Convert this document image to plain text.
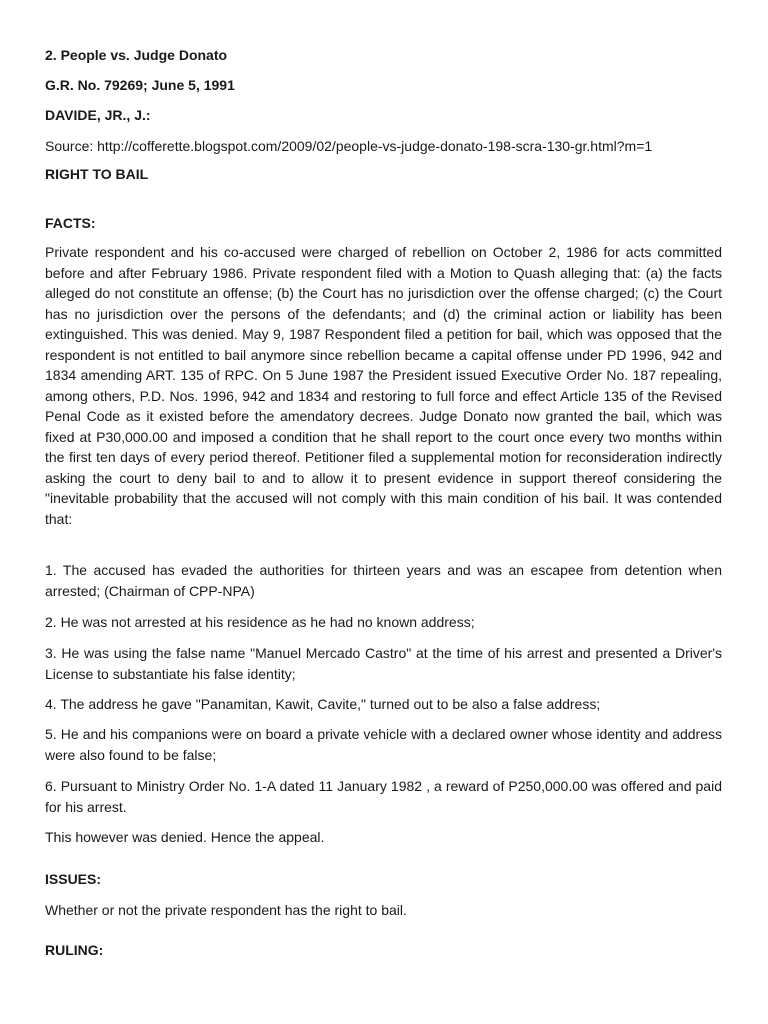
2. People vs. Judge Donato

G.R. No. 79269; June 5, 1991

DAVIDE, JR., J.:

Source: http://cofferette.blogspot.com/2009/02/people-vs-judge-donato-198-scra-130-gr.html?m=1

RIGHT TO BAIL

FACTS:

Private respondent and his co-accused were charged of rebellion on October 2, 1986 for acts committed before and after February 1986. Private respondent filed with a Motion to Quash alleging that: (a) the facts alleged do not constitute an offense; (b) the Court has no jurisdiction over the offense charged; (c) the Court has no jurisdiction over the persons of the defendants; and (d) the criminal action or liability has been extinguished. This was denied. May 9, 1987 Respondent filed a petition for bail, which was opposed that the respondent is not entitled to bail anymore since rebellion became a capital offense under PD 1996, 942 and 1834 amending ART. 135 of RPC. On 5 June 1987 the President issued Executive Order No. 187 repealing, among others, P.D. Nos. 1996, 942 and 1834 and restoring to full force and effect Article 135 of the Revised Penal Code as it existed before the amendatory decrees. Judge Donato now granted the bail, which was fixed at P30,000.00 and imposed a condition that he shall report to the court once every two months within the first ten days of every period thereof. Petitioner filed a supplemental motion for reconsideration indirectly asking the court to deny bail to and to allow it to present evidence in support thereof considering the "inevitable probability that the accused will not comply with this main condition of his bail. It was contended that:

1. The accused has evaded the authorities for thirteen years and was an escapee from detention when arrested; (Chairman of CPP-NPA)

2. He was not arrested at his residence as he had no known address;

3. He was using the false name "Manuel Mercado Castro" at the time of his arrest and presented a Driver's License to substantiate his false identity;

4. The address he gave "Panamitan, Kawit, Cavite," turned out to be also a false address;

5. He and his companions were on board a private vehicle with a declared owner whose identity and address were also found to be false;

6. Pursuant to Ministry Order No. 1-A dated 11 January 1982 , a reward of P250,000.00 was offered and paid for his arrest.

This however was denied. Hence the appeal.

ISSUES:

Whether or not the private respondent has the right to bail.

RULING:
